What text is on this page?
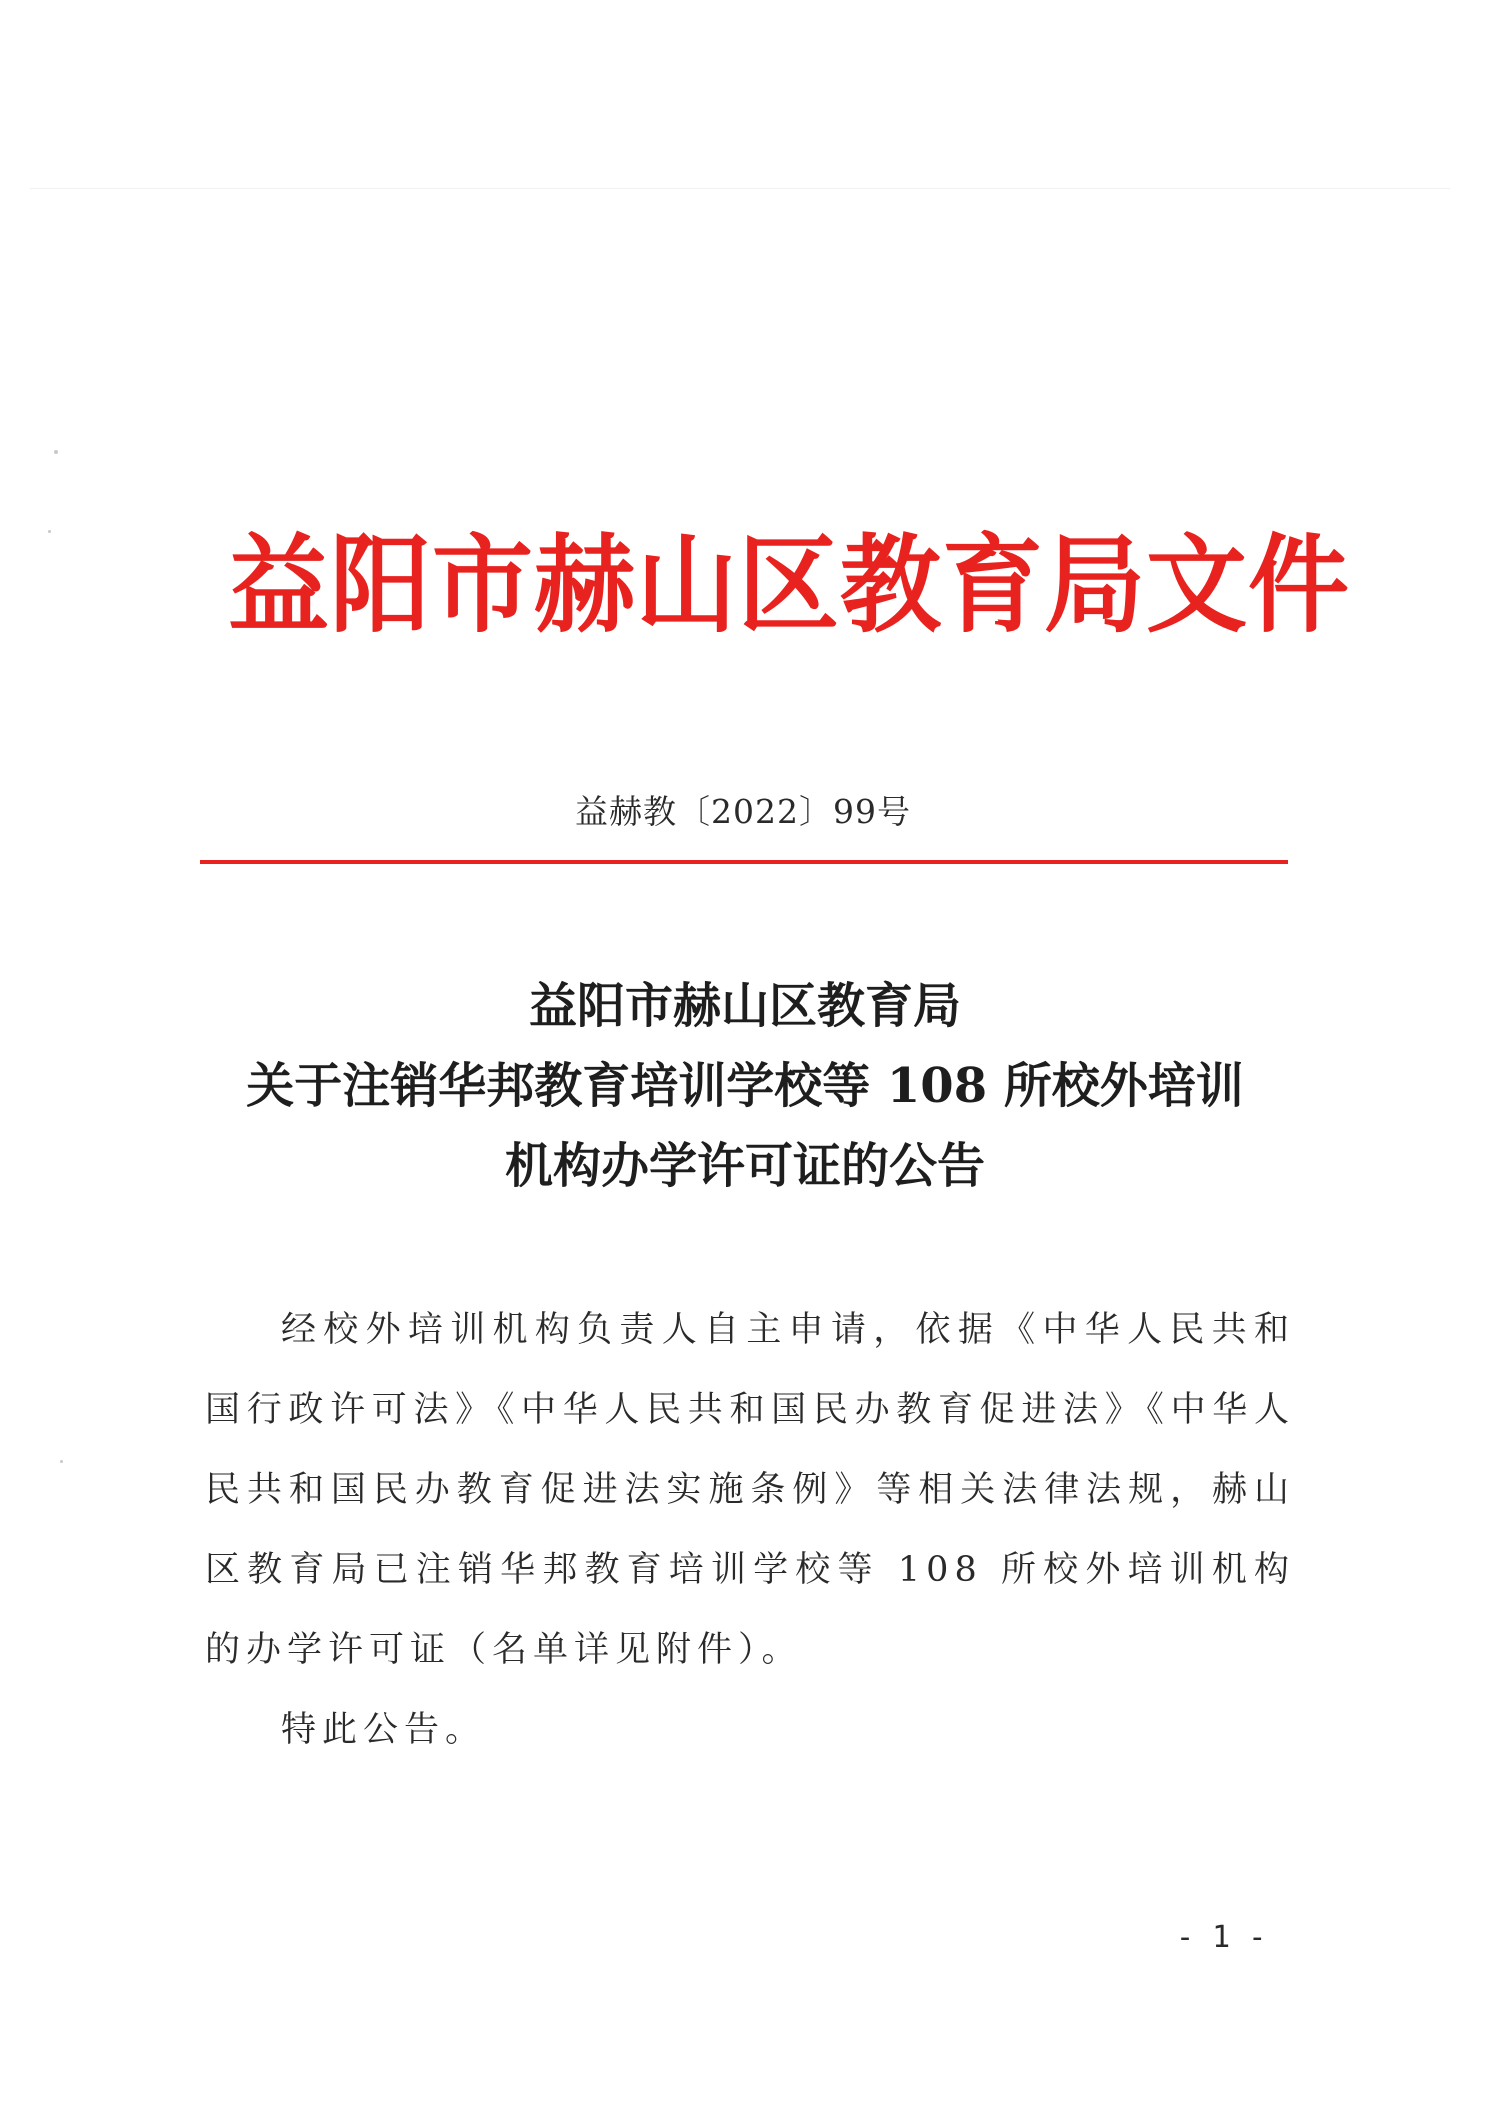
益阳市赫山区教育局文件
益赫教〔2022〕99号
益阳市赫山区教育局
关于注销华邦教育培训学校等 108 所校外培训
机构办学许可证的公告

经校外培训机构负责人自主申请，依据《中华人民共和国行政许可法》《中华人民共和国民办教育促进法》《中华人民共和国民办教育促进法实施条例》等相关法律法规，赫山区教育局已注销华邦教育培训学校等 108 所校外培训机构的办学许可证（名单详见附件）。

特此公告。

- 1 -
